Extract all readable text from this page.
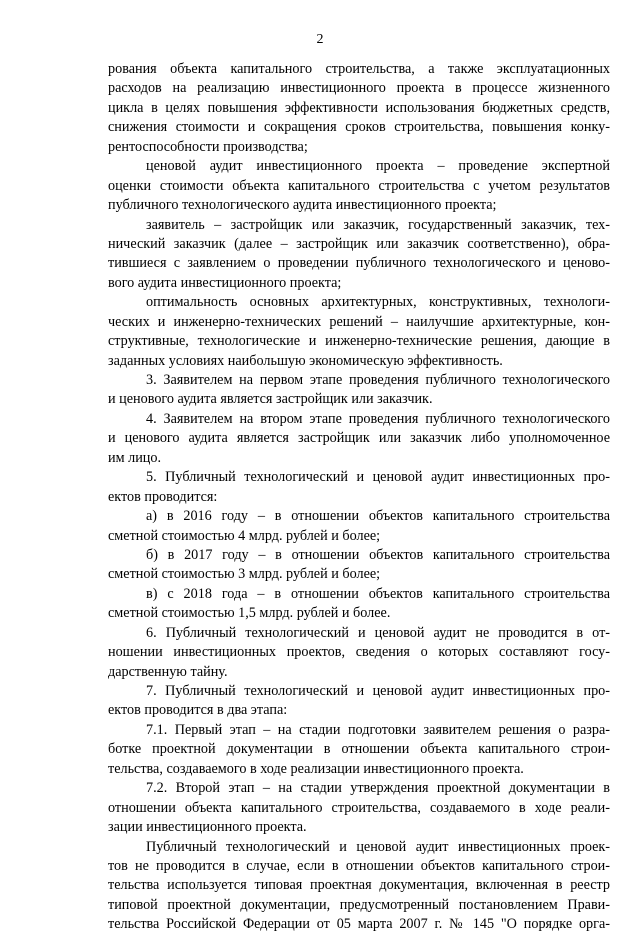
2
рования объекта капитального строительства, а также эксплуатационных
расходов на реализацию инвестиционного проекта в процессе жизненного
цикла в целях повышения эффективности использования бюджетных средств,
снижения стоимости и сокращения сроков строительства, повышения конку-
рентоспособности производства;
ценовой аудит инвестиционного проекта – проведение экспертной
оценки стоимости объекта капитального строительства с учетом результатов
публичного технологического аудита инвестиционного проекта;
заявитель – застройщик или заказчик, государственный заказчик, тех-
нический заказчик (далее – застройщик или заказчик соответственно), обра-
тившиеся с заявлением о проведении публичного технологического и ценово-
вого аудита инвестиционного проекта;
оптимальность основных архитектурных, конструктивных, технологи-
ческих и инженерно-технических решений – наилучшие архитектурные, кон-
структивные, технологические и инженерно-технические решения, дающие в
заданных условиях наибольшую экономическую эффективность.
3. Заявителем на первом этапе проведения публичного технологического
и ценового аудита является застройщик или заказчик.
4. Заявителем на втором этапе проведения публичного технологического
и ценового аудита является застройщик или заказчик либо уполномоченное
им лицо.
5. Публичный технологический и ценовой аудит инвестиционных про-
ектов проводится:
а) в 2016 году – в отношении объектов капитального строительства
сметной стоимостью 4 млрд. рублей и более;
б) в 2017 году – в отношении объектов капитального строительства
сметной стоимостью 3 млрд. рублей и более;
в) с 2018 года – в отношении объектов капитального строительства
сметной стоимостью 1,5 млрд. рублей и более.
6. Публичный технологический и ценовой аудит не проводится в от-
ношении инвестиционных проектов, сведения о которых составляют госу-
дарственную тайну.
7. Публичный технологический и ценовой аудит инвестиционных про-
ектов проводится в два этапа:
7.1. Первый этап – на стадии подготовки заявителем решения о разра-
ботке проектной документации в отношении объекта капитального строи-
тельства, создаваемого в ходе реализации инвестиционного проекта.
7.2. Второй этап – на стадии утверждения проектной документации в
отношении объекта капитального строительства, создаваемого в ходе реали-
зации инвестиционного проекта.
Публичный технологический и ценовой аудит инвестиционных проек-
тов не проводится в случае, если в отношении объектов капитального строи-
тельства используется типовая проектная документация, включенная в реестр
типовой проектной документации, предусмотренный постановлением Прави-
тельства Российской Федерации от 05 марта 2007 г. № 145 "О порядке орга-
